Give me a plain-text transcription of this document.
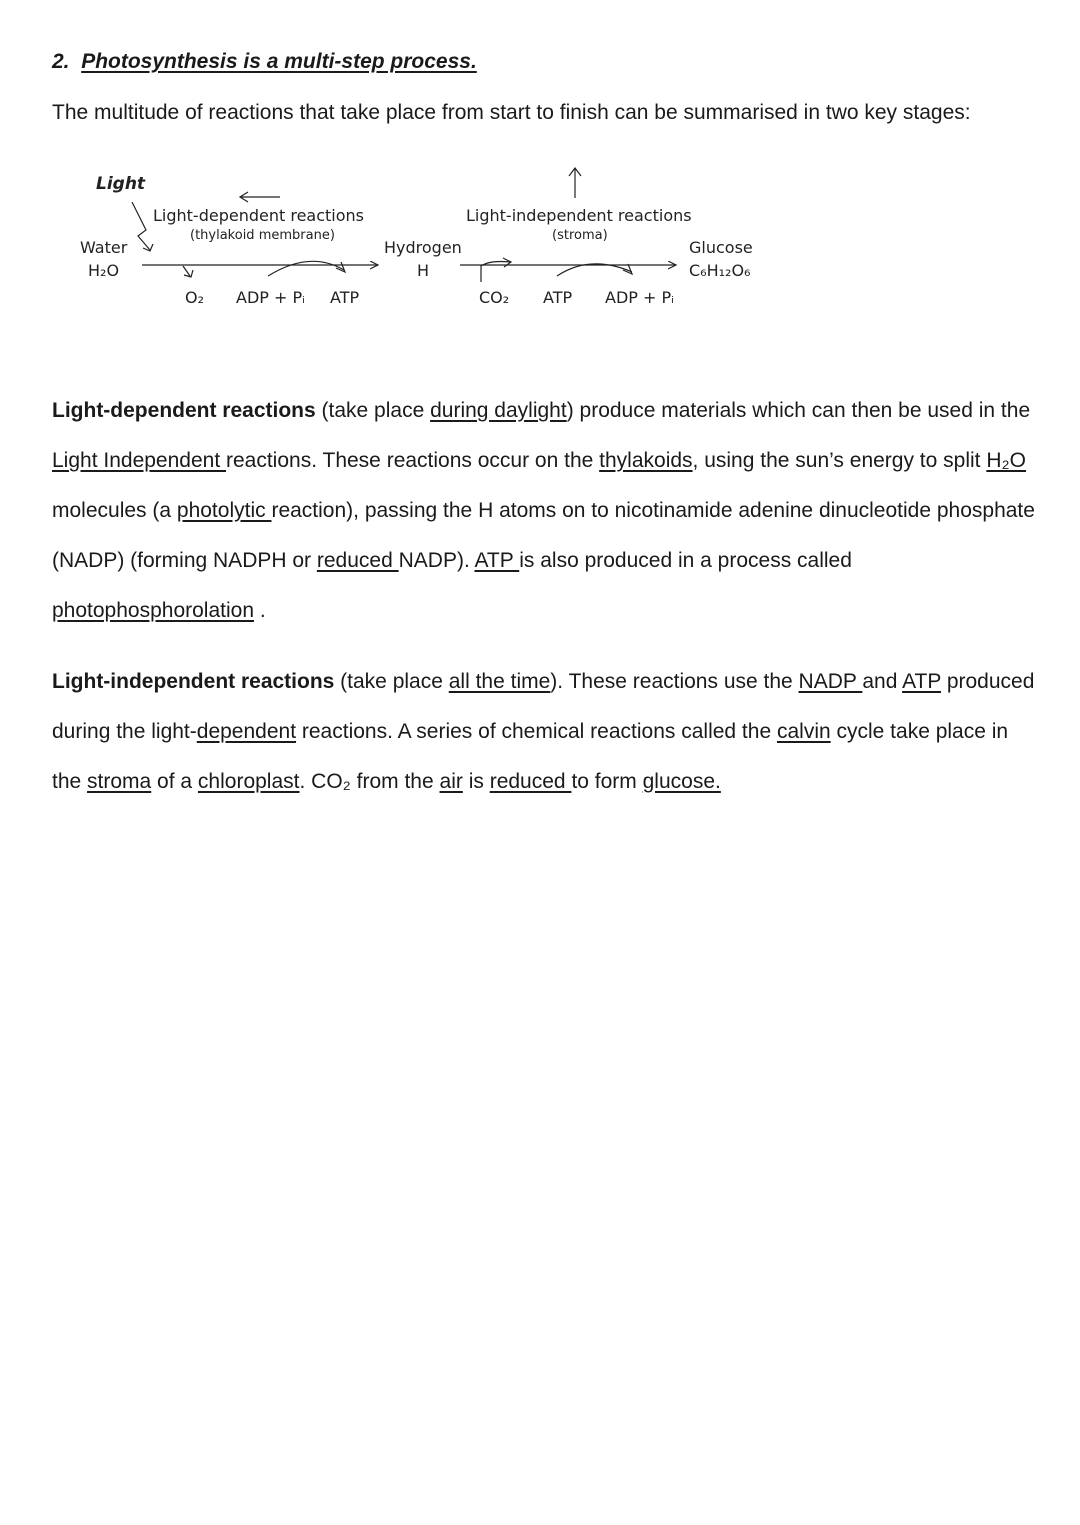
2. Photosynthesis is a multi-step process.

The multitude of reactions that take place from start to finish can be summarised in two key stages:

Light
Water
H₂O
Light-dependent reactions
(thylakoid membrane)
O₂ ADP + Pᵢ ATP
Hydrogen
H
Light-independent reactions
(stroma)
CO₂ ATP ADP + Pᵢ
Glucose
C₆H₁₂O₆

Light-dependent reactions (take place during daylight) produce materials which can then be used in the Light Independent reactions. These reactions occur on the thylakoids, using the sun’s energy to split H₂O molecules (a photolytic reaction), passing the H atoms on to nicotinamide adenine dinucleotide phosphate (NADP) (forming NADPH or reduced NADP). ATP is also produced in a process called photophosphorolation .

Light-independent reactions (take place all the time). These reactions use the NADP and ATP produced during the light-dependent reactions. A series of chemical reactions called the calvin cycle take place in the stroma of a chloroplast. CO₂ from the air is reduced to form glucose.
